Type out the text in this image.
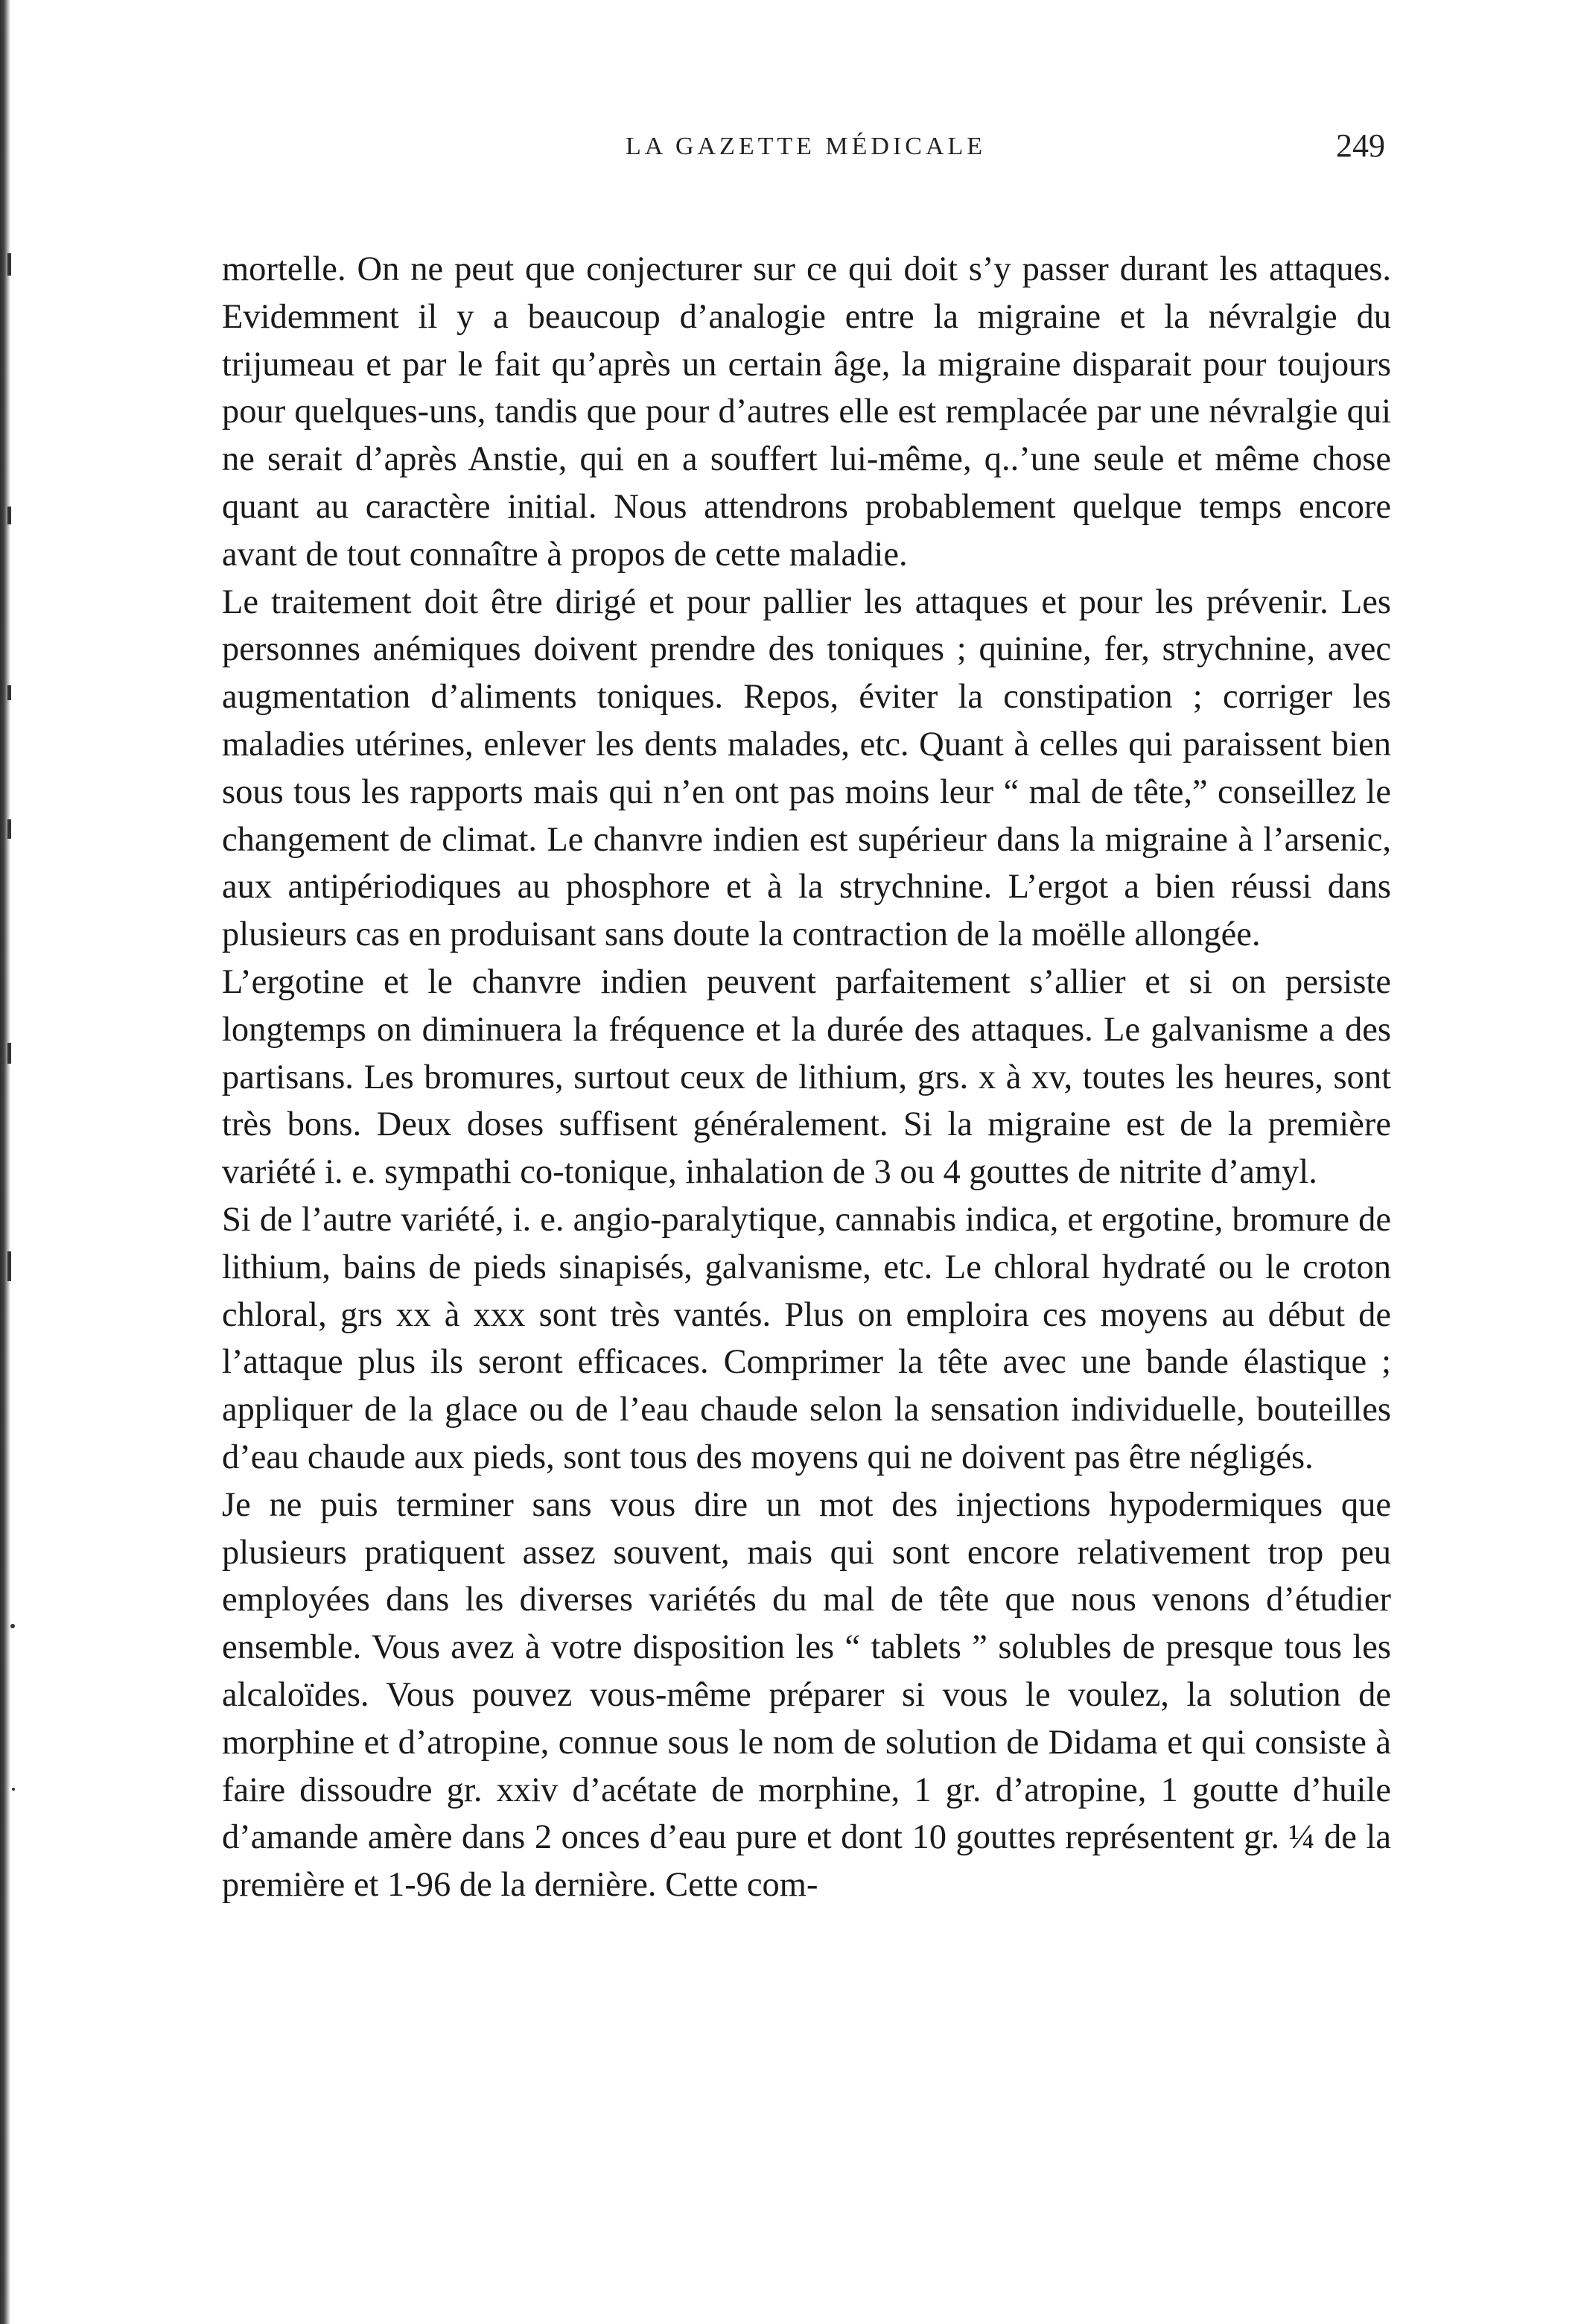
LA GAZETTE MÉDICALE	249

mortelle. On ne peut que conjecturer sur ce qui doit s’y passer durant les attaques. Evidemment il y a beaucoup d’analogie entre la migraine et la névralgie du trijumeau et par le fait qu’après un certain âge, la migraine disparait pour toujours pour quelques-uns, tandis que pour d’autres elle est remplacée par une névralgie qui ne serait d’après Anstie, qui en a souffert lui-même, q..’une seule et même chose quant au caractère initial. Nous attendrons probablement quelque temps encore avant de tout connaître à propos de cette maladie.

Le traitement doit être dirigé et pour pallier les attaques et pour les prévenir. Les personnes anémiques doivent prendre des toniques ; quinine, fer, strychnine, avec augmentation d’aliments toniques. Repos, éviter la constipation ; corriger les maladies utérines, enlever les dents malades, etc. Quant à celles qui paraissent bien sous tous les rapports mais qui n’en ont pas moins leur “ mal de tête,” conseillez le changement de climat. Le chanvre indien est supérieur dans la migraine à l’arsenic, aux antipériodiques au phosphore et à la strychnine. L’ergot a bien réussi dans plusieurs cas en produisant sans doute la contraction de la moëlle allongée.

L’ergotine et le chanvre indien peuvent parfaitement s’allier et si on persiste longtemps on diminuera la fréquence et la durée des attaques. Le galvanisme a des partisans. Les bromures, surtout ceux de lithium, grs. x à xv, toutes les heures, sont très bons. Deux doses suffisent généralement. Si la migraine est de la première variété i. e. sympathi co-tonique, inhalation de 3 ou 4 gouttes de nitrite d’amyl.

Si de l’autre variété, i. e. angio-paralytique, cannabis indica, et ergotine, bromure de lithium, bains de pieds sinapisés, galvanisme, etc. Le chloral hydraté ou le croton chloral, grs xx à xxx sont très vantés. Plus on emploira ces moyens au début de l’attaque plus ils seront efficaces. Comprimer la tête avec une bande élastique ; appliquer de la glace ou de l’eau chaude selon la sensation individuelle, bouteilles d’eau chaude aux pieds, sont tous des moyens qui ne doivent pas être négligés.

Je ne puis terminer sans vous dire un mot des injections hypodermiques que plusieurs pratiquent assez souvent, mais qui sont encore relativement trop peu employées dans les diverses variétés du mal de tête que nous venons d’étudier ensemble. Vous avez à votre disposition les “ tablets ” solubles de presque tous les alcaloïdes. Vous pouvez vous-même préparer si vous le voulez, la solution de morphine et d’atropine, connue sous le nom de solution de Didama et qui consiste à faire dissoudre gr. xxiv d’acétate de morphine, 1 gr. d’atropine, 1 goutte d’huile d’amande amère dans 2 onces d’eau pure et dont 10 gouttes représentent gr. ¼ de la première et 1-96 de la dernière. Cette com-
